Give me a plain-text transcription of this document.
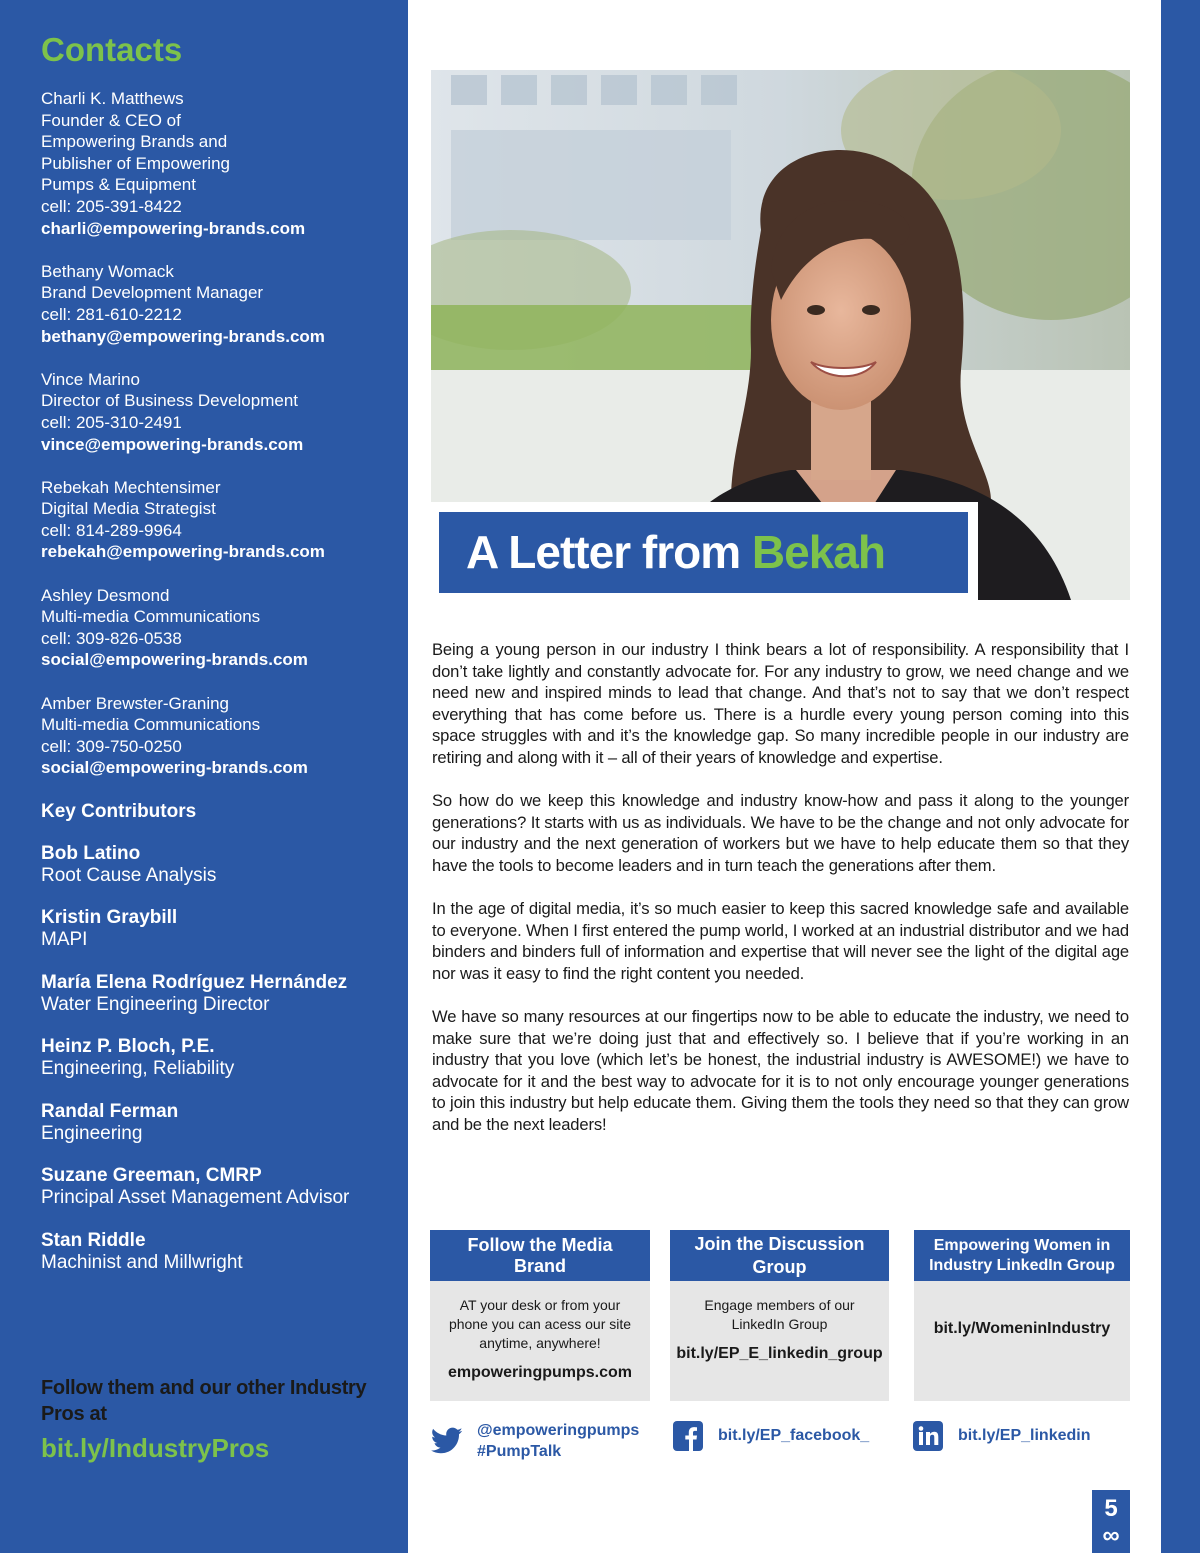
Contacts
Charli K. Matthews
Founder & CEO of
Empowering Brands and
Publisher of Empowering
Pumps & Equipment
cell: 205-391-8422
charli@empowering-brands.com
Bethany Womack
Brand Development Manager
cell: 281-610-2212
bethany@empowering-brands.com
Vince Marino
Director of Business Development
cell: 205-310-2491
vince@empowering-brands.com
Rebekah Mechtensimer
Digital Media Strategist
cell: 814-289-9964
rebekah@empowering-brands.com
Ashley Desmond
Multi-media Communications
cell: 309-826-0538
social@empowering-brands.com
Amber Brewster-Graning
Multi-media Communications
cell: 309-750-0250
social@empowering-brands.com
Key Contributors
Bob Latino
Root Cause Analysis
Kristin Graybill
MAPI
María Elena Rodríguez Hernández
Water Engineering Director
Heinz P. Bloch, P.E.
Engineering, Reliability
Randal Ferman
Engineering
Suzane Greeman, CMRP
Principal Asset Management Advisor
Stan Riddle
Machinist and Millwright
Follow them and our other Industry
Pros at
bit.ly/IndustryPros
5
∞
A Letter from Bekah

Being a young person in our industry I think bears a lot of responsibility. A responsibility that I don’t take lightly and constantly advocate for. For any industry to grow, we need change and we need new and inspired minds to lead that change. And that’s not to say that we don’t respect everything that has come before us. There is a hurdle every young person coming into this space struggles with and it’s the knowledge gap. So many incredible people in our industry are retiring and along with it – all of their years of knowledge and expertise.

So how do we keep this knowledge and industry know-how and pass it along to the younger generations? It starts with us as individuals. We have to be the change and not only advocate for our industry and the next generation of workers but we have to help educate them so that they have the tools to become leaders and in turn teach the generations after them.

In the age of digital media, it’s so much easier to keep this sacred knowledge safe and available to everyone. When I first entered the pump world, I worked at an industrial distributor and we had binders and binders full of information and expertise that will never see the light of the digital age nor was it easy to find the right content you needed.

We have so many resources at our fingertips now to be able to educate the industry, we need to make sure that we’re doing just that and effectively so. I believe that if you’re working in an industry that you love (which let’s be honest, the industrial industry is AWESOME!) we have to advocate for it and the best way to advocate for it is to not only encourage younger generations to join this industry but help educate them. Giving them the tools they need so that they can grow and be the next leaders!

Follow the Media Brand
AT your desk or from your phone you can acess our site anytime, anywhere!
empoweringpumps.com
Join the Discussion Group
Engage members of our LinkedIn Group
bit.ly/EP_E_linkedin_group
Empowering Women in Industry LinkedIn Group
bit.ly/WomeninIndustry
@empoweringpumps
#PumpTalk
bit.ly/EP_facebook_	bit.ly/EP_linkedin
